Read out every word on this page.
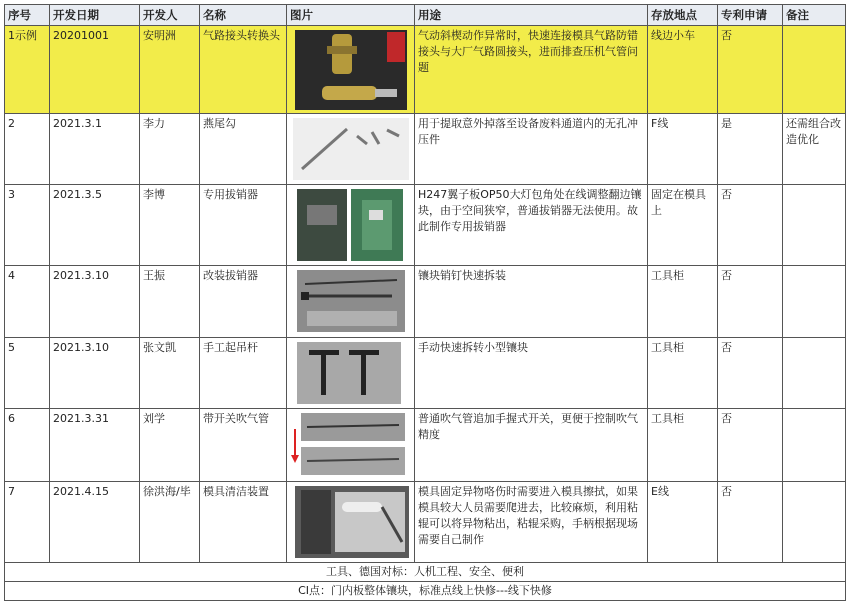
序号	开发日期	开发人	名称	图片	用途	存放地点	专利申请	备注
1示例	20201001	安明洲	气路接头转换头		气动斜楔动作异常时，快速连接模具气路防错接头与大厂气路圆接头，进而排查压机气管问题	线边小车	否	
2	2021.3.1	李力	燕尾勾		用于提取意外掉落至设备废料通道内的无孔冲压件	F线	是	还需组合改造优化
3	2021.3.5	李博	专用拔销器		H247翼子板OP50大灯包角处在线调整翻边镶块，由于空间狭窄，普通拔销器无法使用。故此制作专用拔销器	固定在模具上	否	
4	2021.3.10	王振	改装拔销器		镶块销钉快速拆装	工具柜	否	
5	2021.3.10	张文凯	手工起吊杆		手动快速拆转小型镶块	工具柜	否	
6	2021.3.31	刘学	带开关吹气管		普通吹气管追加手握式开关，更便于控制吹气精度	工具柜	否	
7	2021.4.15	徐洪海/毕	模具清洁装置		模具固定异物咯伤时需要进入模具擦拭，如果模具较大人员需要爬进去，比较麻烦，利用粘辊可以将异物粘出，粘辊采购，手柄根据现场需要自己制作	E线	否	
工具、德国对标：人机工程、安全、便利								
CI点：门内板整体镶块，标准点线上快修---线下快修								
